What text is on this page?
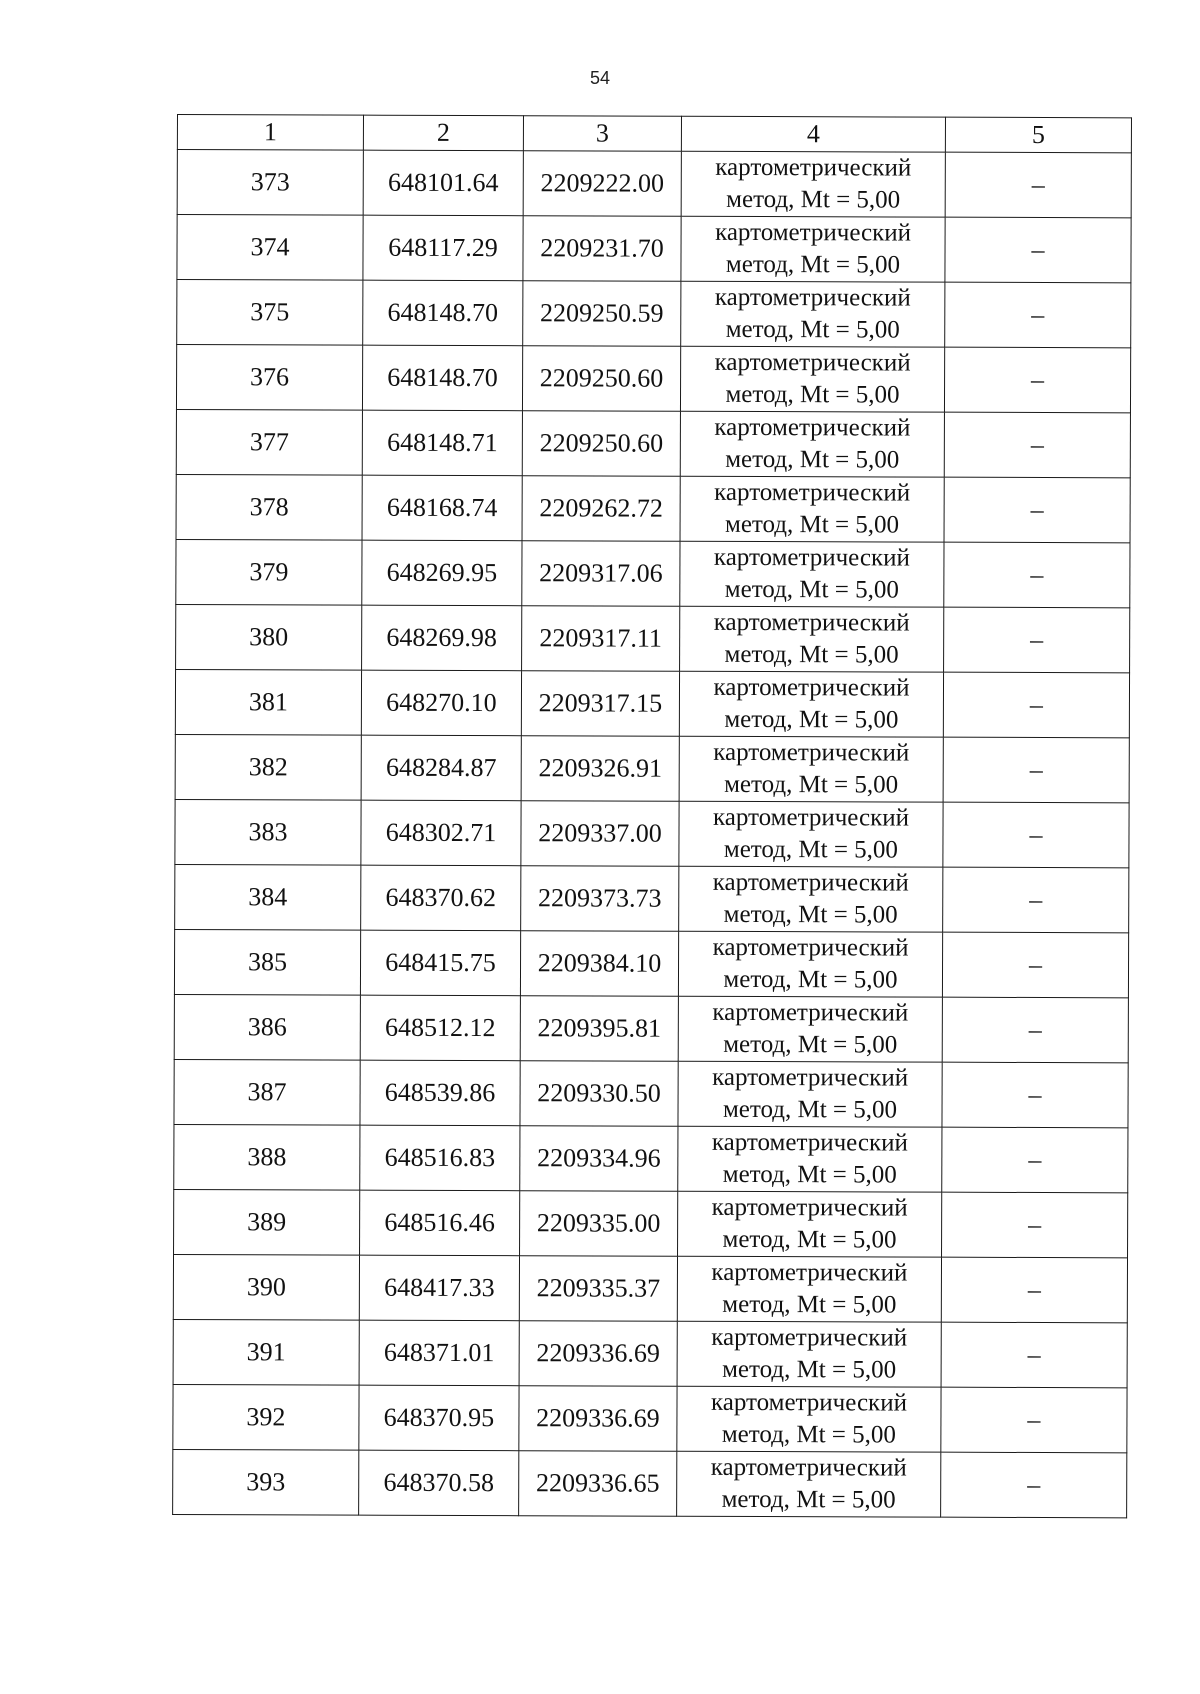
54
1	2	3	4	5
373	648101.64	2209222.00	картометрический
метод, Mt = 5,00	–
374	648117.29	2209231.70	картометрический
метод, Mt = 5,00	–
375	648148.70	2209250.59	картометрический
метод, Mt = 5,00	–
376	648148.70	2209250.60	картометрический
метод, Mt = 5,00	–
377	648148.71	2209250.60	картометрический
метод, Mt = 5,00	–
378	648168.74	2209262.72	картометрический
метод, Mt = 5,00	–
379	648269.95	2209317.06	картометрический
метод, Mt = 5,00	–
380	648269.98	2209317.11	картометрический
метод, Mt = 5,00	–
381	648270.10	2209317.15	картометрический
метод, Mt = 5,00	–
382	648284.87	2209326.91	картометрический
метод, Mt = 5,00	–
383	648302.71	2209337.00	картометрический
метод, Mt = 5,00	–
384	648370.62	2209373.73	картометрический
метод, Mt = 5,00	–
385	648415.75	2209384.10	картометрический
метод, Mt = 5,00	–
386	648512.12	2209395.81	картометрический
метод, Mt = 5,00	–
387	648539.86	2209330.50	картометрический
метод, Mt = 5,00	–
388	648516.83	2209334.96	картометрический
метод, Mt = 5,00	–
389	648516.46	2209335.00	картометрический
метод, Mt = 5,00	–
390	648417.33	2209335.37	картометрический
метод, Mt = 5,00	–
391	648371.01	2209336.69	картометрический
метод, Mt = 5,00	–
392	648370.95	2209336.69	картометрический
метод, Mt = 5,00	–
393	648370.58	2209336.65	картометрический
метод, Mt = 5,00	–
